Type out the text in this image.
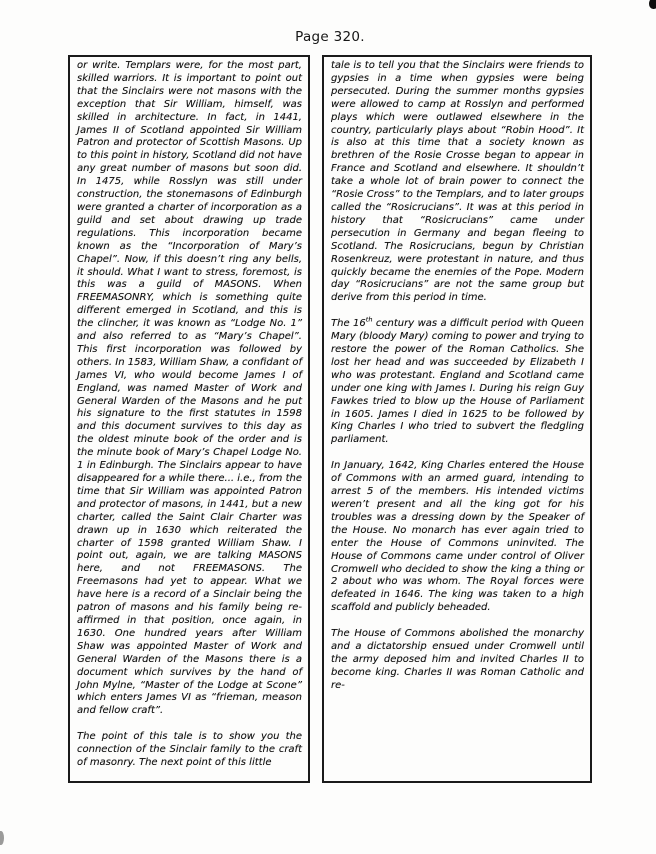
Page 320.

or write. Templars were, for the most part, skilled warriors. It is important to point out that the Sinclairs were not masons with the exception that Sir William, himself, was skilled in architecture. In fact, in 1441, James II of Scotland appointed Sir William Patron and protector of Scottish Masons. Up to this point in history, Scotland did not have any great number of masons but soon did. In 1475, while Rosslyn was still under construction, the stonemasons of Edinburgh were granted a charter of incorporation as a guild and set about drawing up trade regulations. This incorporation became known as the “Incorporation of Mary’s Chapel”. Now, if this doesn’t ring any bells, it should. What I want to stress, foremost, is this was a guild of MASONS. When FREEMASONRY, which is something quite different emerged in Scotland, and this is the clincher, it was known as “Lodge No. 1” and also referred to as “Mary’s Chapel”. This first incorporation was followed by others. In 1583, William Shaw, a confidant of James VI, who would become James I of England, was named Master of Work and General Warden of the Masons and he put his signature to the first statutes in 1598 and this document survives to this day as the oldest minute book of the order and is the minute book of Mary’s Chapel Lodge No. 1 in Edinburgh. The Sinclairs appear to have disappeared for a while there... i.e., from the time that Sir William was appointed Patron and protector of masons, in 1441, but a new charter, called the Saint Clair Charter was drawn up in 1630 which reiterated the charter of 1598 granted William Shaw. I point out, again, we are talking MASONS here, and not FREEMASONS. The Freemasons had yet to appear. What we have here is a record of a Sinclair being the patron of masons and his family being re-affirmed in that position, once again, in 1630. One hundred years after William Shaw was appointed Master of Work and General Warden of the Masons there is a document which survives by the hand of John Mylne, “Master of the Lodge at Scone” which enters James VI as “frieman, meason and fellow craft”.

The point of this tale is to show you the connection of the Sinclair family to the craft of masonry. The next point of this little

tale is to tell you that the Sinclairs were friends to gypsies in a time when gypsies were being persecuted. During the summer months gypsies were allowed to camp at Rosslyn and performed plays which were outlawed elsewhere in the country, particularly plays about “Robin Hood”. It is also at this time that a society known as brethren of the Rosie Crosse began to appear in France and Scotland and elsewhere. It shouldn’t take a whole lot of brain power to connect the “Rosie Cross” to the Templars, and to later groups called the “Rosicrucians”. It was at this period in history that “Rosicrucians” came under persecution in Germany and began fleeing to Scotland. The Rosicrucians, begun by Christian Rosenkreuz, were protestant in nature, and thus quickly became the enemies of the Pope. Modern day “Rosicrucians” are not the same group but derive from this period in time.

The 16th century was a difficult period with Queen Mary (bloody Mary) coming to power and trying to restore the power of the Roman Catholics. She lost her head and was succeeded by Elizabeth I who was protestant. England and Scotland came under one king with James I. During his reign Guy Fawkes tried to blow up the House of Parliament in 1605. James I died in 1625 to be followed by King Charles I who tried to subvert the fledgling parliament.

In January, 1642, King Charles entered the House of Commons with an armed guard, intending to arrest 5 of the members. His intended victims weren’t present and all the king got for his troubles was a dressing down by the Speaker of the House. No monarch has ever again tried to enter the House of Commons uninvited. The House of Commons came under control of Oliver Cromwell who decided to show the king a thing or 2 about who was whom. The Royal forces were defeated in 1646. The king was taken to a high scaffold and publicly beheaded.

The House of Commons abolished the monarchy and a dictatorship ensued under Cromwell until the army deposed him and invited Charles II to become king. Charles II was Roman Catholic and re-
